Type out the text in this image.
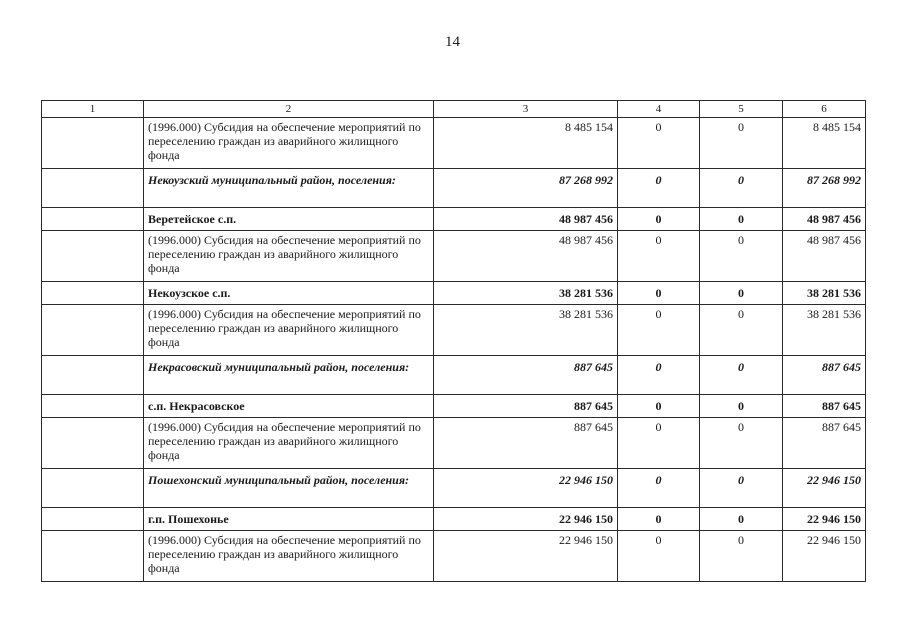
14
1	2	3	4	5	6
	(1996.000) Субсидия на обеспечение мероприятий по переселению граждан из аварийного жилищного фонда	8 485 154	0	0	8 485 154
	Некоузский муниципальный район, поселения:	87 268 992	0	0	87 268 992
	Веретейское с.п.	48 987 456	0	0	48 987 456
	(1996.000) Субсидия на обеспечение мероприятий по переселению граждан из аварийного жилищного фонда	48 987 456	0	0	48 987 456
	Некоузское с.п.	38 281 536	0	0	38 281 536
	(1996.000) Субсидия на обеспечение мероприятий по переселению граждан из аварийного жилищного фонда	38 281 536	0	0	38 281 536
	Некрасовский муниципальный район, поселения:	887 645	0	0	887 645
	с.п. Некрасовское	887 645	0	0	887 645
	(1996.000) Субсидия на обеспечение мероприятий по переселению граждан из аварийного жилищного фонда	887 645	0	0	887 645
	Пошехонский муниципальный район, поселения:	22 946 150	0	0	22 946 150
	г.п. Пошехонье	22 946 150	0	0	22 946 150
	(1996.000) Субсидия на обеспечение мероприятий по переселению граждан из аварийного жилищного фонда	22 946 150	0	0	22 946 150
